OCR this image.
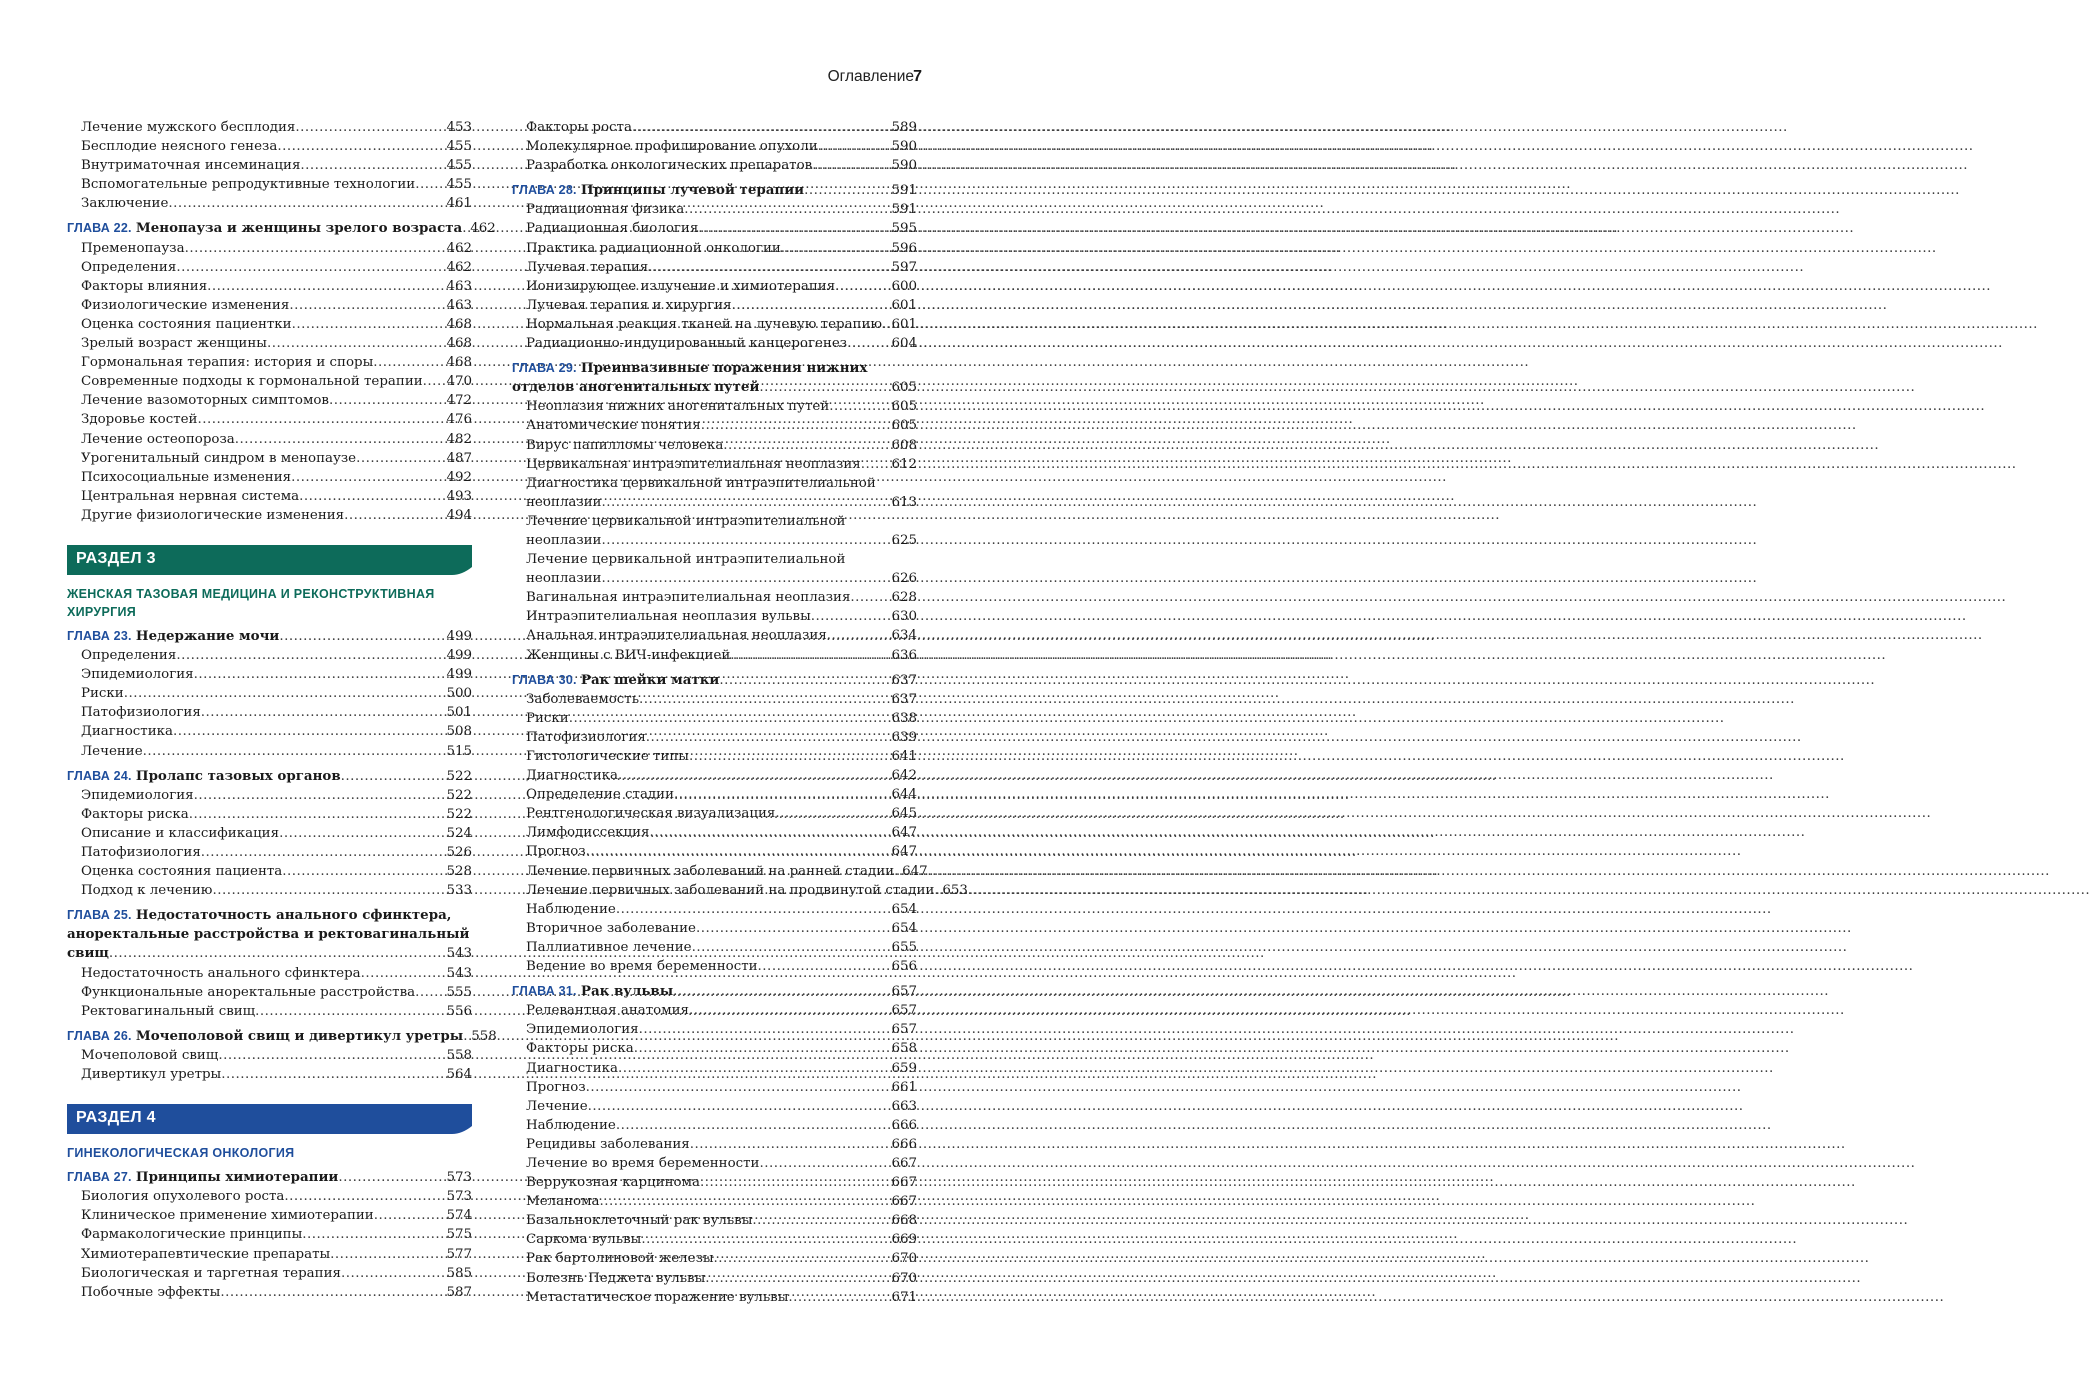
Оглавление 7
Лечение мужского бесплодия .....	453
Бесплодие неясного генеза .....	455
Внутриматочная инсеминация .....	455
Вспомогательные репродуктивные технологии ..... 455
Заключение .....	461
ГЛАВА 22. Менопауза и женщины зрелого возраста ..... 462
Пременопауза .....	462
Определения .....	462
Факторы влияния .....	463
Физиологические изменения .....	463
Оценка состояния пациентки .....	468
Зрелый возраст женщины .....	468
Гормональная терапия: история и споры .....	468
Современные подходы к гормональной терапии ..... 470
Лечение вазомоторных симптомов .....	472
Здоровье костей .....	476
Лечение остеопороза .....	482
Урогенитальный синдром в менопаузе .....	487
Психосоциальные изменения .....	492
Центральная нервная система .....	493
Другие физиологические изменения .....	494
РАЗДЕЛ 3
ЖЕНСКАЯ ТАЗОВАЯ МЕДИЦИНА И РЕКОНСТРУКТИВНАЯ
ХИРУРГИЯ
ГЛАВА 23. Недержание мочи .....	499
Определения .....	499
Эпидемиология .....	499
Риски .....	500
Патофизиология .....	501
Диагностика .....	508
Лечение .....	515
ГЛАВА 24. Пролапс тазовых органов .....	522
Эпидемиология .....	522
Факторы риска .....	522
Описание и классификация .....	524
Патофизиология .....	526
Оценка состояния пациента .....	528
Подход к лечению .....	533
ГЛАВА 25. Недостаточность анального сфинктера,
аноректальные расстройства и ректовагинальный
свищ .....	543
Недостаточность анального сфинктера .....	543
Функциональные аноректальные расстройства ..... 555
Ректовагинальный свищ .....	556
ГЛАВА 26. Мочеполовой свищ и дивертикул уретры ..... 558
Мочеполовой свищ .....	558
Дивертикул уретры .....	564
РАЗДЕЛ 4
ГИНЕКОЛОГИЧЕСКАЯ ОНКОЛОГИЯ
ГЛАВА 27. Принципы химиотерапии .....	573
Биология опухолевого роста .....	573
Клиническое применение химиотерапии .....	574
Фармакологические принципы .....	575
Химиотерапевтические препараты .....	577
Биологическая и таргетная терапия .....	585
Побочные эффекты .....	587
Факторы роста .....	589
Молекулярное профилирование опухоли .....	590
Разработка онкологических препаратов .....	590
ГЛАВА 28. Принципы лучевой терапии .....	591
Радиационная физика .....	591
Радиационная биология .....	595
Практика радиационной онкологии .....	596
Лучевая терапия .....	597
Ионизирующее излучение и химиотерапия .....	600
Лучевая терапия и хирургия .....	601
Нормальная реакция тканей на лучевую терапию ..... 601
Радиационно-индуцированный канцерогенез .....	604
ГЛАВА 29. Преинвазивные поражения нижних
отделов аногенитальных путей .....	605
Неоплазия нижних аногенитальных путей .....	605
Анатомические понятия .....	605
Вирус папилломы человека .....	608
Цервикальная интраэпителиальная неоплазия ..... 612
Диагностика цервикальной интраэпителиальной
неоплазии .....	613
Лечение цервикальной интраэпителиальной
неоплазии .....	625
Лечение цервикальной интраэпителиальной
неоплазии .....	626
Вагинальная интраэпителиальная неоплазия .....	628
Интраэпителиальная неоплазия вульвы .....	630
Анальная интраэпителиальная неоплазия .....	634
Женщины с ВИЧ-инфекцией .....	636
ГЛАВА 30. Рак шейки матки .....	637
Заболеваемость .....	637
Риски .....	638
Патофизиология .....	639
Гистологические типы .....	641
Диагностика .....	642
Определение стадии .....	644
Рентгенологическая визуализация .....	645
Лимфодиссекция .....	647
Прогноз .....	647
Лечение первичных заболеваний на ранней стадии ..... 647
Лечение первичных заболеваний на продвинутой стадии ..... 653
Наблюдение .....	654
Вторичное заболевание .....	654
Паллиативное лечение .....	655
Ведение во время беременности .....	656
ГЛАВА 31. Рак вульвы .....	657
Релевантная анатомия .....	657
Эпидемиология .....	657
Факторы риска .....	658
Диагностика .....	659
Прогноз .....	661
Лечение .....	663
Наблюдение .....	666
Рецидивы заболевания .....	666
Лечение во время беременности .....	667
Веррукозная карцинома .....	667
Меланома .....	667
Базальноклеточный рак вульвы .....	668
Саркома вульвы .....	669
Рак бартолиновой железы .....	670
Болезнь Педжета вульвы .....	670
Метастатическое поражение вульвы .....	671
